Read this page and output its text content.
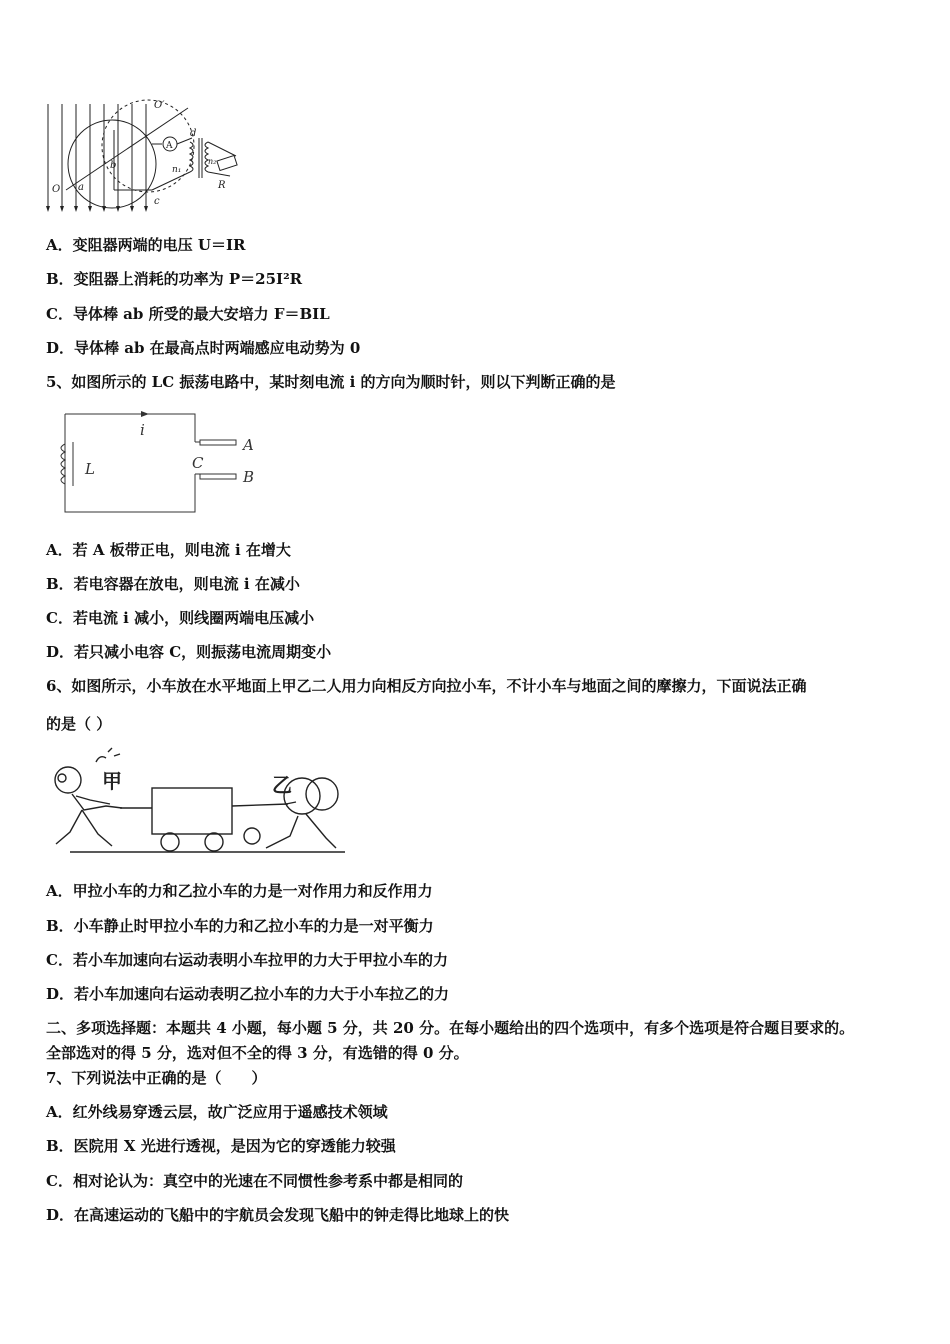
O′
O a
b
c
d
A
n₁
n₂
R
A．变阻器两端的电压 U＝IR
B．变阻器上消耗的功率为 P＝25I²R
C．导体棒 ab 所受的最大安培力 F＝BIL
D．导体棒 ab 在最高点时两端感应电动势为 0
5、如图所示的 LC 振荡电路中，某时刻电流 i 的方向为顺时针，则以下判断正确的是
i
L	C
A
B
A．若 A 板带正电，则电流 i 在增大
B．若电容器在放电，则电流 i 在减小
C．若电流 i 减小，则线圈两端电压减小
D．若只减小电容 C，则振荡电流周期变小
6、如图所示，小车放在水平地面上甲乙二人用力向相反方向拉小车，不计小车与地面之间的摩擦力，下面说法正确
的是（ ）
甲	乙
A．甲拉小车的力和乙拉小车的力是一对作用力和反作用力
B．小车静止时甲拉小车的力和乙拉小车的力是一对平衡力
C．若小车加速向右运动表明小车拉甲的力大于甲拉小车的力
D．若小车加速向右运动表明乙拉小车的力大于小车拉乙的力
二、多项选择题：本题共 4 小题，每小题 5 分，共 20 分。在每小题给出的四个选项中，有多个选项是符合题目要求的。
全部选对的得 5 分，选对但不全的得 3 分，有选错的得 0 分。
7、下列说法中正确的是（　　）
A．红外线易穿透云层，故广泛应用于遥感技术领域
B．医院用 X 光进行透视，是因为它的穿透能力较强
C．相对论认为：真空中的光速在不同惯性参考系中都是相同的
D．在高速运动的飞船中的宇航员会发现飞船中的钟走得比地球上的快
